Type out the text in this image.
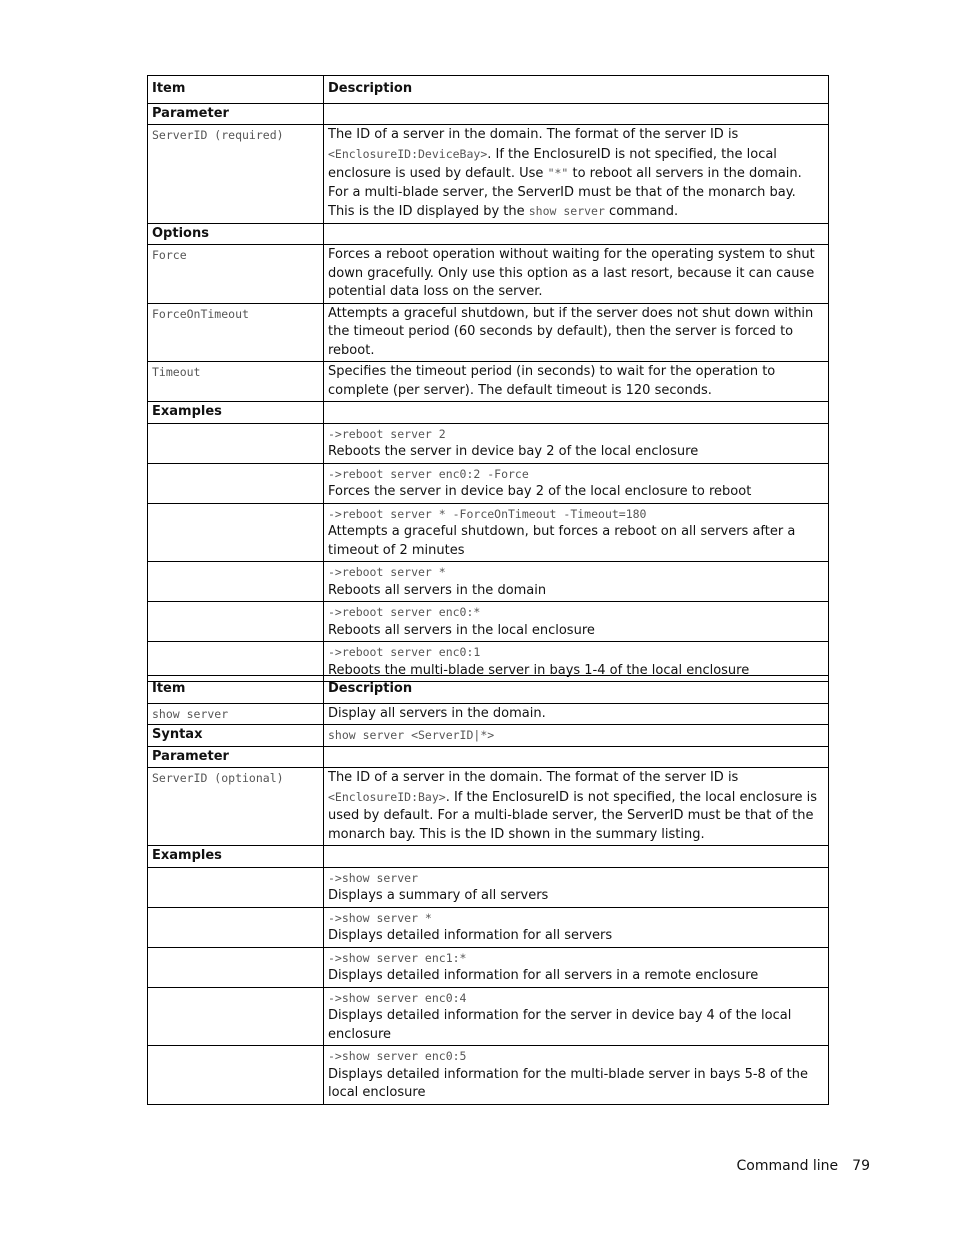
Item	Description
Parameter	
ServerID (required)	The ID of a server in the domain. The format of the server ID is
<EnclosureID:DeviceBay>. If the EnclosureID is not specified, the local enclosure is used by default. Use "*" to reboot all servers in the domain. For a multi-blade server, the ServerID must be that of the monarch bay. This is the ID displayed by the show server command.
Options	
Force	Forces a reboot operation without waiting for the operating system to shut down gracefully. Only use this option as a last resort, because it can cause potential data loss on the server.
ForceOnTimeout	Attempts a graceful shutdown, but if the server does not shut down within the timeout period (60 seconds by default), then the server is forced to reboot.
Timeout	Specifies the timeout period (in seconds) to wait for the operation to complete (per server). The default timeout is 120 seconds.
Examples	

	->reboot server 2
Reboots the server in device bay 2 of the local enclosure

	->reboot server enc0:2 -Force
Forces the server in device bay 2 of the local enclosure to reboot

	->reboot server * -ForceOnTimeout -Timeout=180
Attempts a graceful shutdown, but forces a reboot on all servers after a timeout of 2 minutes

	->reboot server *
Reboots all servers in the domain

	->reboot server enc0:*
Reboots all servers in the local enclosure

	->reboot server enc0:1
Reboots the multi-blade server in bays 1-4 of the local enclosure
Item	Description
show server	Display all servers in the domain.
Syntax	show server <ServerID|*>
Parameter	
ServerID (optional)	The ID of a server in the domain. The format of the server ID is
<EnclosureID:Bay>. If the EnclosureID is not specified, the local enclosure is used by default. For a multi-blade server, the ServerID must be that of the monarch bay. This is the ID shown in the summary listing.
Examples	

	->show server
Displays a summary of all servers

	->show server *
Displays detailed information for all servers

	->show server enc1:*
Displays detailed information for all servers in a remote enclosure

	->show server enc0:4
Displays detailed information for the server in device bay 4 of the local enclosure

	->show server enc0:5
Displays detailed information for the multi-blade server in bays 5-8 of the local enclosure
Command line 79
